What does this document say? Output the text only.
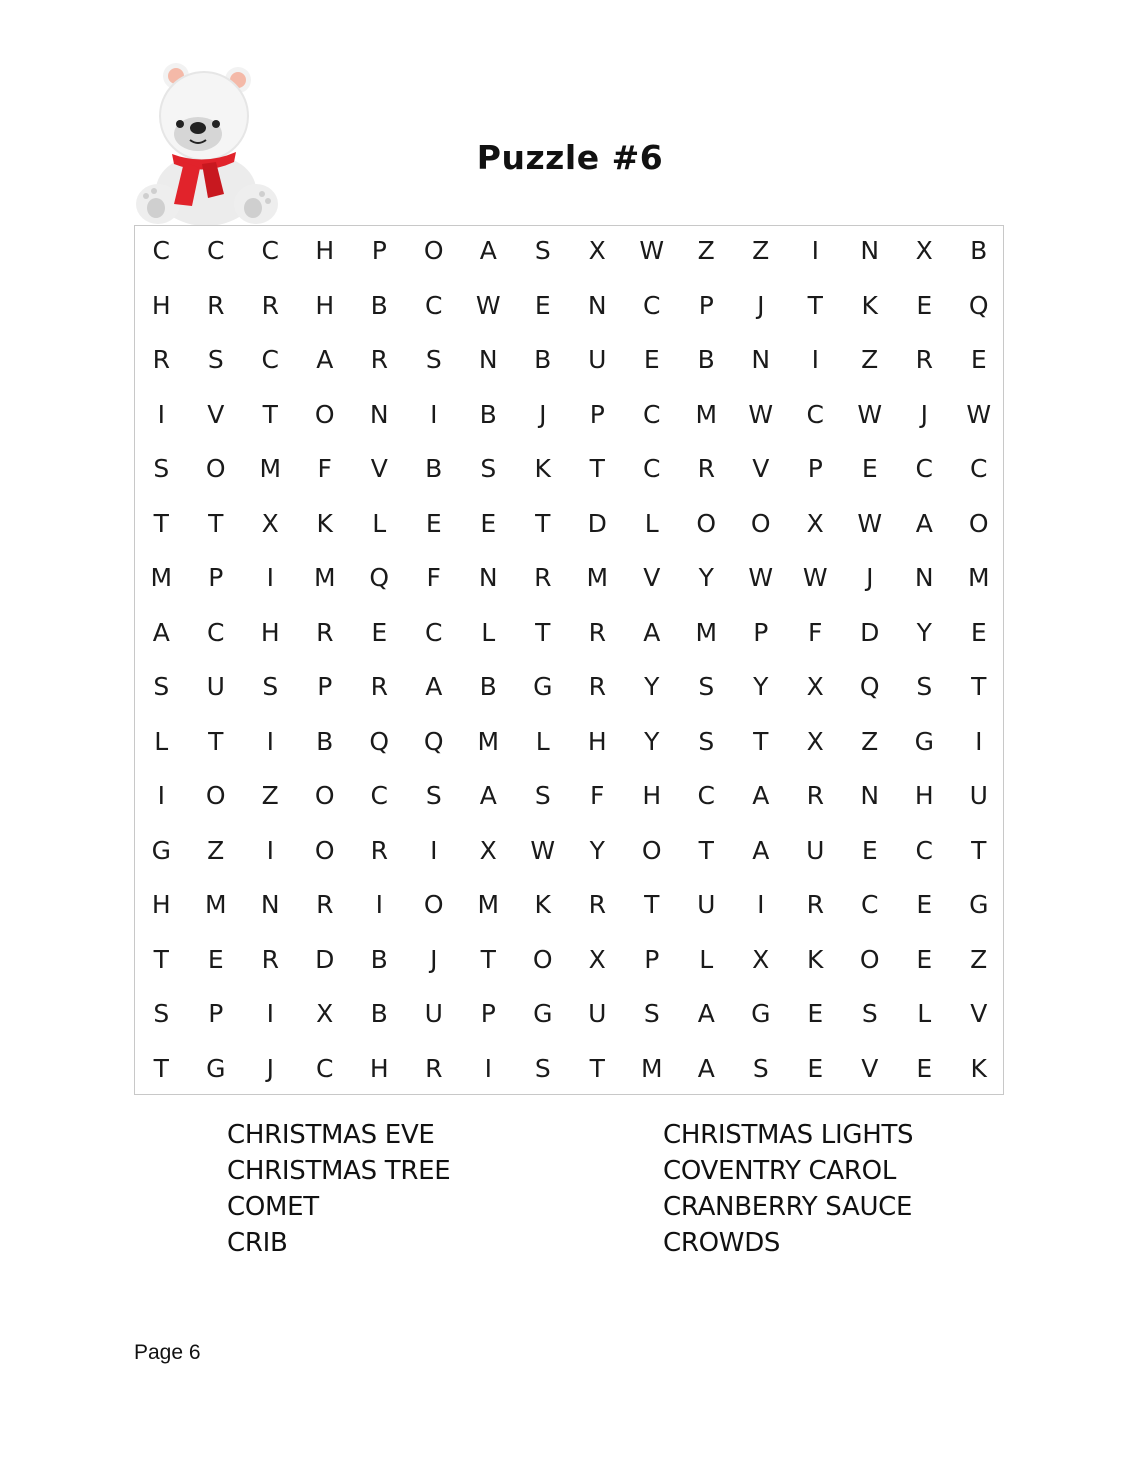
Puzzle #6
C	C	C	H	P	O	A	S	X	W	Z	Z	I	N	X	B
H	R	R	H	B	C	W	E	N	C	P	J	T	K	E	Q
R	S	C	A	R	S	N	B	U	E	B	N	I	Z	R	E
I	V	T	O	N	I	B	J	P	C	M	W	C	W	J	W
S	O	M	F	V	B	S	K	T	C	R	V	P	E	C	C
T	T	X	K	L	E	E	T	D	L	O	O	X	W	A	O
M	P	I	M	Q	F	N	R	M	V	Y	W	W	J	N	M
A	C	H	R	E	C	L	T	R	A	M	P	F	D	Y	E
S	U	S	P	R	A	B	G	R	Y	S	Y	X	Q	S	T
L	T	I	B	Q	Q	M	L	H	Y	S	T	X	Z	G	I
I	O	Z	O	C	S	A	S	F	H	C	A	R	N	H	U
G	Z	I	O	R	I	X	W	Y	O	T	A	U	E	C	T
H	M	N	R	I	O	M	K	R	T	U	I	R	C	E	G
T	E	R	D	B	J	T	O	X	P	L	X	K	O	E	Z
S	P	I	X	B	U	P	G	U	S	A	G	E	S	L	V
T	G	J	C	H	R	I	S	T	M	A	S	E	V	E	K
CHRISTMAS EVE
CHRISTMAS TREE
COMET
CRIB
CHRISTMAS LIGHTS
COVENTRY CAROL
CRANBERRY SAUCE
CROWDS
Page 6
